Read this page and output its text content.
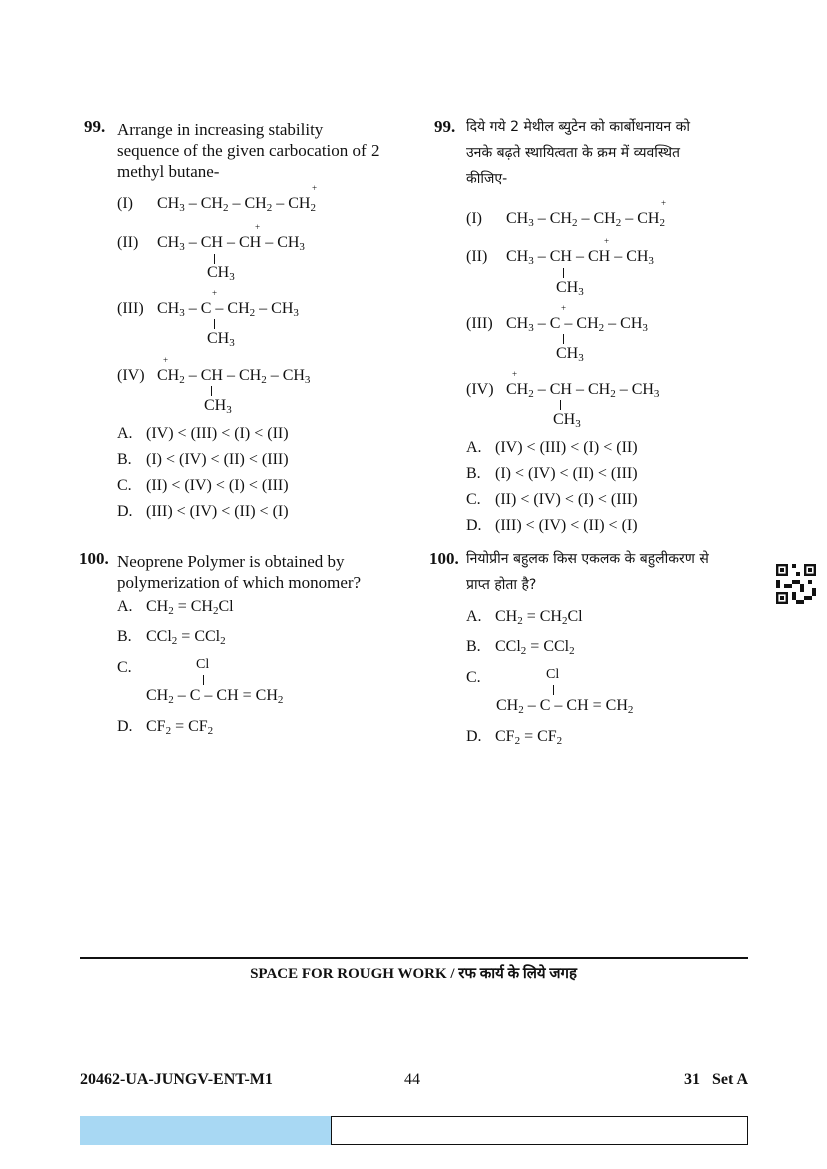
99. Arrange in increasing stability
sequence of the given carbocation of 2
methyl butane-
(I) $CH_3 - CH_2 - CH_2 - CH_2$
+
(II) $CH_3$ – CH – CH – $CH_3$
+
$CH_3$
(III) $CH_3$ – C – $CH_2 - CH_3$
+
$CH_3$
(IV) $CH_2$ – CH – $CH_2 - CH_3$
+
$CH_3$
A. (IV) < (III) < (I) < (II)
B. (I) < (IV) < (II) < (III)
C. (II) < (IV) < (I) < (III)
D. (III) < (IV) < (II) < (I)
100. Neoprene Polymer is obtained by
polymerization of which monomer?
A. $CH_2 = CH_2Cl$
B. CCl$_2$ = CCl$_2$
C.	Cl
$CH_2$ – C – CH = $CH_2$
D. $CF_2 = CF_2$
99. दिये गये 2 मेथील ब्युटेन को कार्बोधनायन को
उनके बढ़ते स्थायित्वता के क्रम में व्यवस्थित
कीजिए-
(I) $CH_3 - CH_2 - CH_2 - CH_2$
+
(II) $CH_3$ – CH – CH – $CH_3$
+
$CH_3$
(III) $CH_3$ – C – $CH_2 - CH_3$
+
$CH_3$
(IV) $CH_2$ – CH – $CH_2 - CH_3$
+
$CH_3$
A. (IV) < (III) < (I) < (II)
B. (I) < (IV) < (II) < (III)
C. (II) < (IV) < (I) < (III)
D. (III) < (IV) < (II) < (I)
100. नियोप्रीन बहुलक किस एकलक के बहुलीकरण से
प्राप्त होता है?
A. $CH_2 = CH_2Cl$
B. CCl$_2$ = CCl$_2$
C.	Cl
$CH_2$ – C – CH = $CH_2$
D. $CF_2 = CF_2$
SPACE FOR ROUGH WORK / रफ कार्य के लिये जगह
20462-UA-JUNGV-ENT-M1	44	31   Set A
